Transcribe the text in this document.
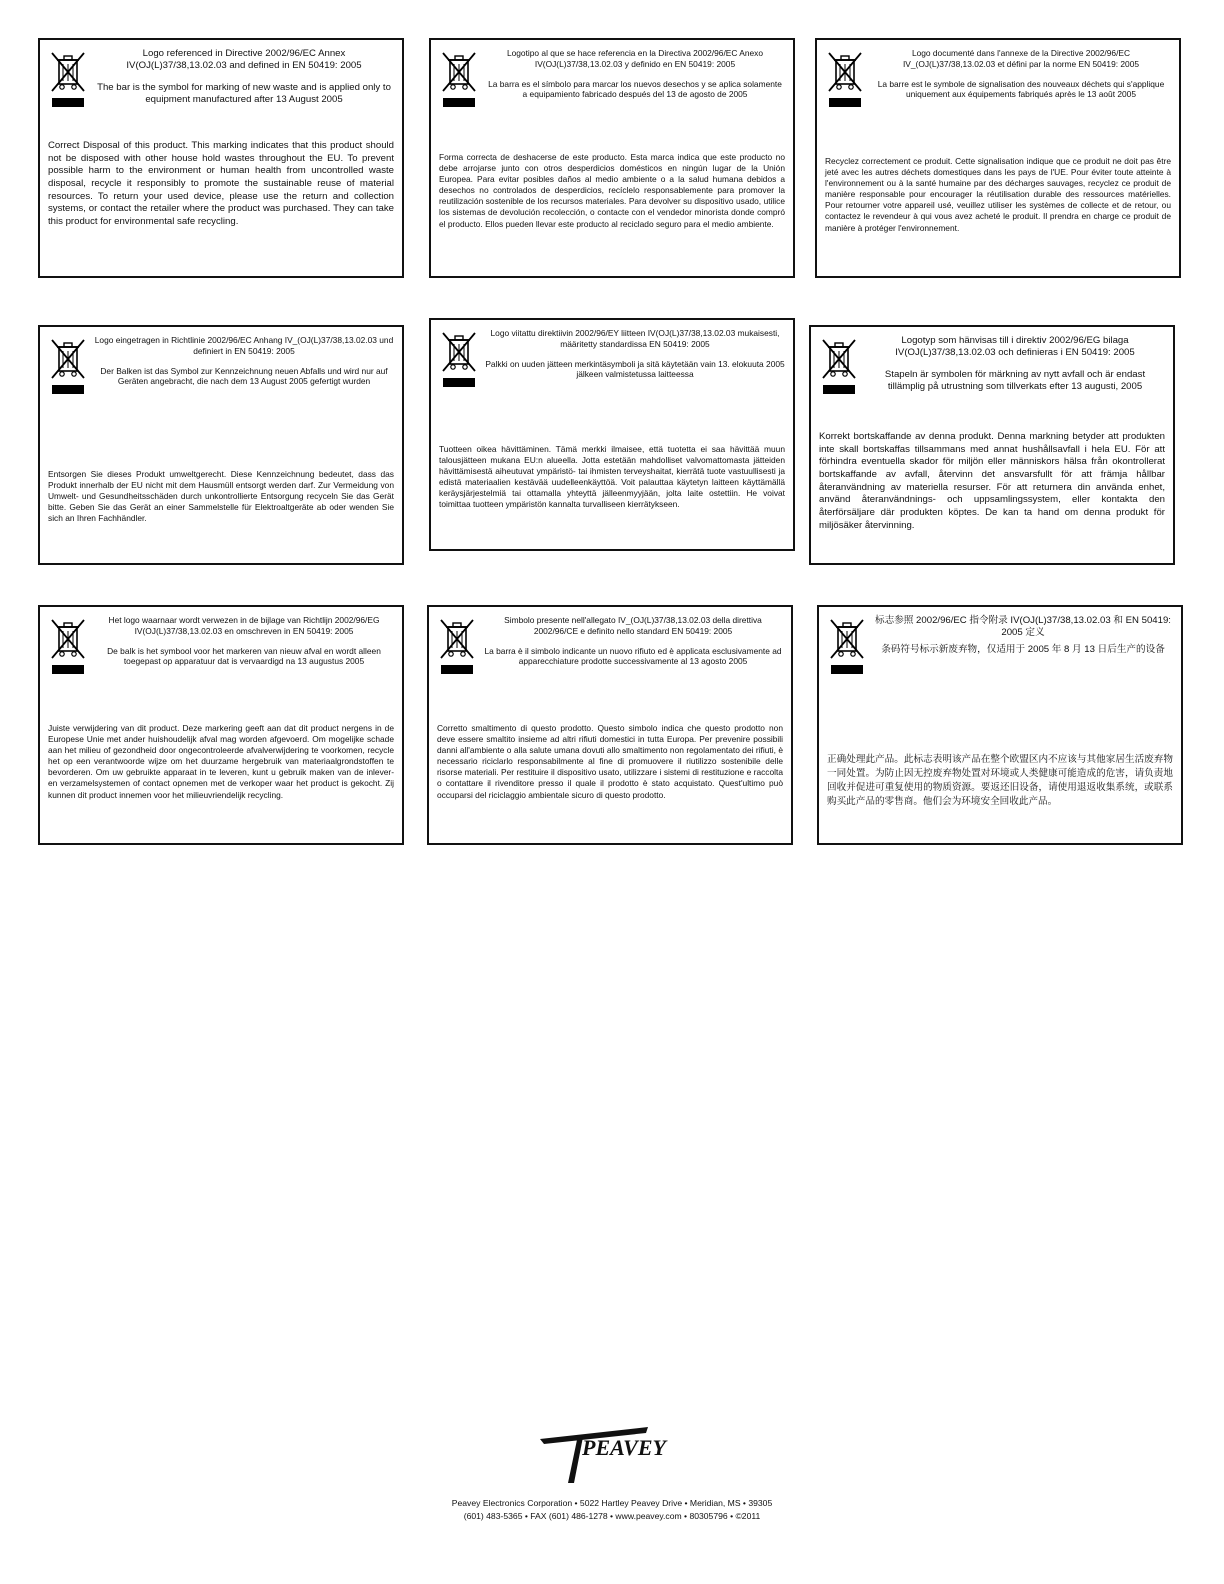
Logo referenced in Directive 2002/96/EC Annex IV(OJ(L)37/38,13.02.03 and defined in EN 50419: 2005

The bar is the symbol for marking of new waste and is applied only to equipment manufactured after 13 August 2005

Correct Disposal of this product. This marking indicates that this product should not be disposed with other house hold wastes throughout the EU. To prevent possible harm to the environment or human health from uncontrolled waste disposal, recycle it responsibly to promote the sustainable reuse of material resources. To return your used device, please use the return and collection systems, or contact the retailer where the product was purchased. They can take this product for environmental safe recycling.

Logotipo al que se hace referencia en la Directiva 2002/96/EC Anexo IV(OJ(L)37/38,13.02.03 y definido en EN 50419: 2005

La barra es el símbolo para marcar los nuevos desechos y se aplica solamente a equipamiento fabricado después del 13 de agosto de 2005

Forma correcta de deshacerse de este producto. Esta marca indica que este producto no debe arrojarse junto con otros desperdicios domésticos en ningún lugar de la Unión Europea. Para evitar posibles daños al medio ambiente o a la salud humana debidos a desechos no controlados de desperdicios, recíclelo responsablemente para promover la reutilización sostenible de los recursos materiales. Para devolver su dispositivo usado, utilice los sistemas de devolución recolección, o contacte con el vendedor minorista donde compró el producto. Ellos pueden llevar este producto al reciclado seguro para el medio ambiente.

Logo documenté dans l'annexe de la Directive 2002/96/EC IV_(OJ(L)37/38,13.02.03 et défini par la norme EN 50419: 2005

La barre est le symbole de signalisation des nouveaux déchets qui s'applique uniquement aux équipements fabriqués après le 13 août 2005

Recyclez correctement ce produit. Cette signalisation indique que ce produit ne doit pas être jeté avec les autres déchets domestiques dans les pays de l'UE. Pour éviter toute atteinte à l'environnement ou à la santé humaine par des décharges sauvages, recyclez ce produit de manière responsable pour encourager la réutilisation durable des ressources matérielles. Pour retourner votre appareil usé, veuillez utiliser les systèmes de collecte et de retour, ou contactez le revendeur à qui vous avez acheté le produit. Il prendra en charge ce produit de manière à protéger l'environnement.

Logo eingetragen in Richtlinie 2002/96/EC Anhang IV_(OJ(L)37/38,13.02.03 und definiert in EN 50419: 2005

Der Balken ist das Symbol zur Kennzeichnung neuen Abfalls und wird nur auf Geräten angebracht, die nach dem 13 August 2005 gefertigt wurden

Entsorgen Sie dieses Produkt umweltgerecht. Diese Kennzeichnung bedeutet, dass das Produkt innerhalb der EU nicht mit dem Hausmüll entsorgt werden darf. Zur Vermeidung von Umwelt- und Gesundheitsschäden durch unkontrollierte Entsorgung recyceln Sie das Gerät bitte. Geben Sie das Gerät an einer Sammelstelle für Elektroaltgeräte ab oder wenden Sie sich an Ihren Fachhändler.

Logo viitattu direktiivin 2002/96/EY liitteen IV(OJ(L)37/38,13.02.03 mukaisesti, määritetty standardissa EN 50419: 2005

Palkki on uuden jätteen merkintäsymboli ja sitä käytetään vain 13. elokuuta 2005 jälkeen valmistetussa laitteessa

Tuotteen oikea hävittäminen. Tämä merkki ilmaisee, että tuotetta ei saa hävittää muun talousjätteen mukana EU:n alueella. Jotta estetään mahdolliset valvomattomasta jätteiden hävittämisestä aiheutuvat ympäristö- tai ihmisten terveyshaitat, kierrätä tuote vastuullisesti ja edistä materiaalien kestävää uudelleenkäyttöä. Voit palauttaa käytetyn laitteen käyttämällä keräysjärjestelmiä tai ottamalla yhteyttä jälleenmyyjään, jolta laite ostettiin. He voivat toimittaa tuotteen ympäristön kannalta turvalliseen kierrätykseen.

Logotyp som hänvisas till i direktiv 2002/96/EG bilaga IV(OJ(L)37/38,13.02.03 och definieras i EN 50419: 2005

Stapeln är symbolen för märkning av nytt avfall och är endast tillämplig på utrustning som tillverkats efter 13 augusti, 2005

Korrekt bortskaffande av denna produkt. Denna markning betyder att produkten inte skall bortskaffas tillsammans med annat hushållsavfall i hela EU. För att förhindra eventuella skador för miljön eller människors hälsa från okontrollerat bortskaffande av avfall, återvinn det ansvarsfullt för att främja hållbar återanvändning av materiella resurser. För att returnera din använda enhet, använd återanvändnings- och uppsamlingssystem, eller kontakta den återförsäljare där produkten köptes. De kan ta hand om denna produkt för miljösäker återvinning.

Het logo waarnaar wordt verwezen in de bijlage van Richtlijn 2002/96/EG IV(OJ(L)37/38,13.02.03 en omschreven in EN 50419: 2005

De balk is het symbool voor het markeren van nieuw afval en wordt alleen toegepast op apparatuur dat is vervaardigd na 13 augustus 2005

Juiste verwijdering van dit product. Deze markering geeft aan dat dit product nergens in de Europese Unie met ander huishoudelijk afval mag worden afgevoerd. Om mogelijke schade aan het milieu of gezondheid door ongecontroleerde afvalverwijdering te voorkomen, recycle het op een verantwoorde wijze om het duurzame hergebruik van materiaalgrondstoffen te bevorderen. Om uw gebruikte apparaat in te leveren, kunt u gebruik maken van de inlever- en verzamelsystemen of contact opnemen met de verkoper waar het product is gekocht. Zij kunnen dit product innemen voor het milieuvriendelijk recycling.

Simbolo presente nell'allegato IV_(OJ(L)37/38,13.02.03 della direttiva 2002/96/CE e definito nello standard EN 50419: 2005

La barra è il simbolo indicante un nuovo rifiuto ed è applicata esclusivamente ad apparecchiature prodotte successivamente al 13 agosto 2005

Corretto smaltimento di questo prodotto. Questo simbolo indica che questo prodotto non deve essere smaltito insieme ad altri rifiuti domestici in tutta Europa. Per prevenire possibili danni all'ambiente o alla salute umana dovuti allo smaltimento non regolamentato dei rifiuti, è necessario riciclarlo responsabilmente al fine di promuovere il riutilizzo sostenibile delle risorse materiali. Per restituire il dispositivo usato, utilizzare i sistemi di restituzione e raccolta o contattare il rivenditore presso il quale il prodotto è stato acquistato. Quest'ultimo può occuparsi del riciclaggio ambientale sicuro di questo prodotto.

标志参照 2002/96/EC 指令附录 IV(OJ(L)37/38,13.02.03 和 EN 50419: 2005 定义

条码符号标示新废弃物，仅适用于 2005 年 8 月 13 日后生产的设备

正确处理此产品。此标志表明该产品在整个欧盟区内不应该与其他家居生活废弃物一同处置。为防止因无控废弃物处置对环境或人类健康可能造成的危害，请负责地回收并促进可重复使用的物质资源。要返还旧设备，请使用退返收集系统，或联系购买此产品的零售商。他们会为环境安全回收此产品。

PEAVEY
Peavey Electronics Corporation • 5022 Hartley Peavey Drive • Meridian, MS • 39305
(601) 483-5365 • FAX (601) 486-1278 • www.peavey.com • 80305796 • ©2011
